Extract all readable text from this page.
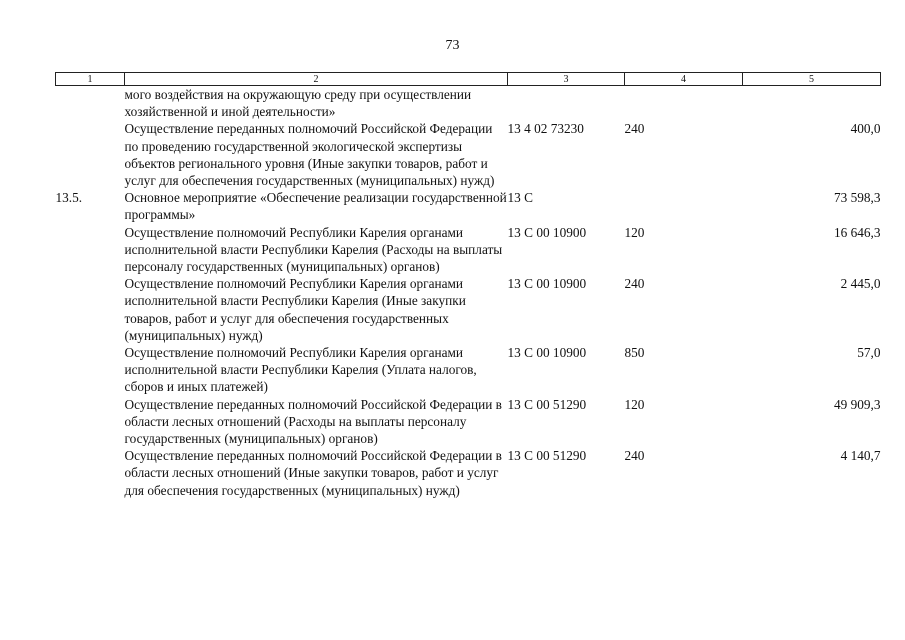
73
1	2	3	4	5
	мого воздействия на окружающую среду при осуществлении хозяйственной и иной деятельности»			
	Осуществление переданных полномочий Российской Федерации по проведению государственной экологической экспертизы объектов регионального уровня (Иные закупки товаров, работ и услуг для обеспечения государственных (муниципальных) нужд)	13 4 02 73230	240	400,0
13.5.	Основное мероприятие «Обеспечение реализации государственной программы»	13 С		73 598,3
	Осуществление полномочий Республики Карелия органами исполнительной власти Республики Карелия (Расходы на выплаты персоналу государственных (муниципальных) органов)	13 С 00 10900	120	16 646,3
	Осуществление полномочий Республики Карелия органами исполнительной власти Республики Карелия (Иные закупки товаров, работ и услуг для обеспечения государственных (муниципальных) нужд)	13 С 00 10900	240	2 445,0
	Осуществление полномочий Республики Карелия органами исполнительной власти Республики Карелия (Уплата налогов, сборов и иных платежей)	13 С 00 10900	850	57,0
	Осуществление переданных полномочий Российской Федерации в области лесных отношений (Расходы на выплаты персоналу государственных (муниципальных) органов)	13 С 00 51290	120	49 909,3
	Осуществление переданных полномочий Российской Федерации в области лесных отношений (Иные закупки товаров, работ и услуг для обеспечения государственных (муниципальных) нужд)	13 С 00 51290	240	4 140,7
